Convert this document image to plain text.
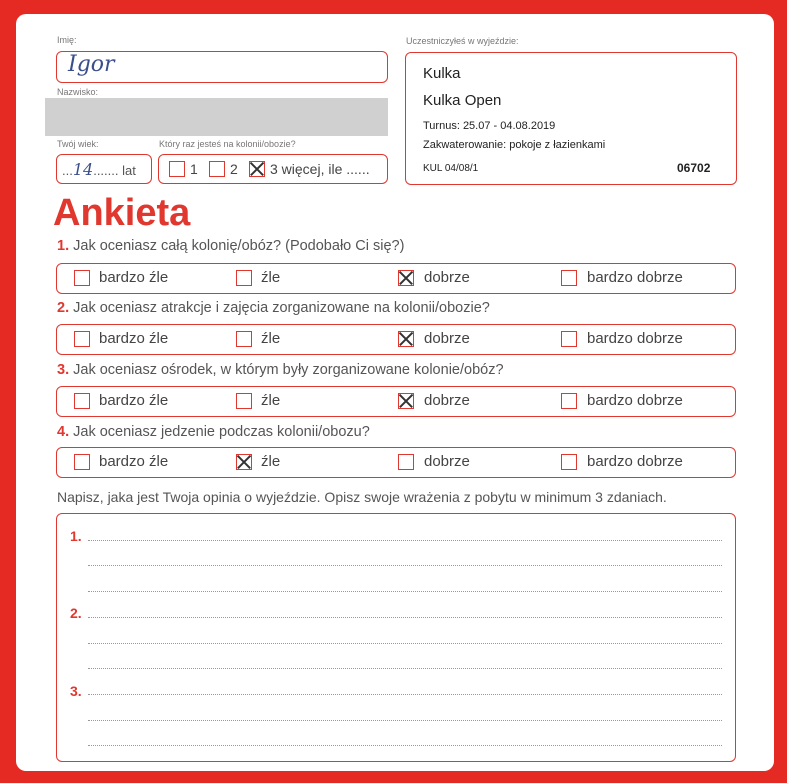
Imię:
Igor
Nazwisko:
Twój wiek:
...14....... lat
Który raz jesteś na kolonii/obozie?
1 2 3 więcej, ile ......
Uczestniczyłeś w wyjeździe:
Kulka
Kulka Open
Turnus: 25.07 - 04.08.2019
Zakwaterowanie: pokoje z łazienkami
KUL 04/08/1	06702
Ankieta
1. Jak oceniasz całą kolonię/obóz? (Podobało Ci się?)
bardzo źle	źle	dobrze	bardzo dobrze
2. Jak oceniasz atrakcje i zajęcia zorganizowane na kolonii/obozie?
bardzo źle	źle	dobrze	bardzo dobrze
3. Jak oceniasz ośrodek, w którym były zorganizowane kolonie/obóz?
bardzo źle	źle	dobrze	bardzo dobrze
4. Jak oceniasz jedzenie podczas kolonii/obozu?
bardzo źle	źle	dobrze	bardzo dobrze
Napisz, jaka jest Twoja opinia o wyjeździe. Opisz swoje wrażenia z pobytu w minimum 3 zdaniach.
1.
2.
3.
